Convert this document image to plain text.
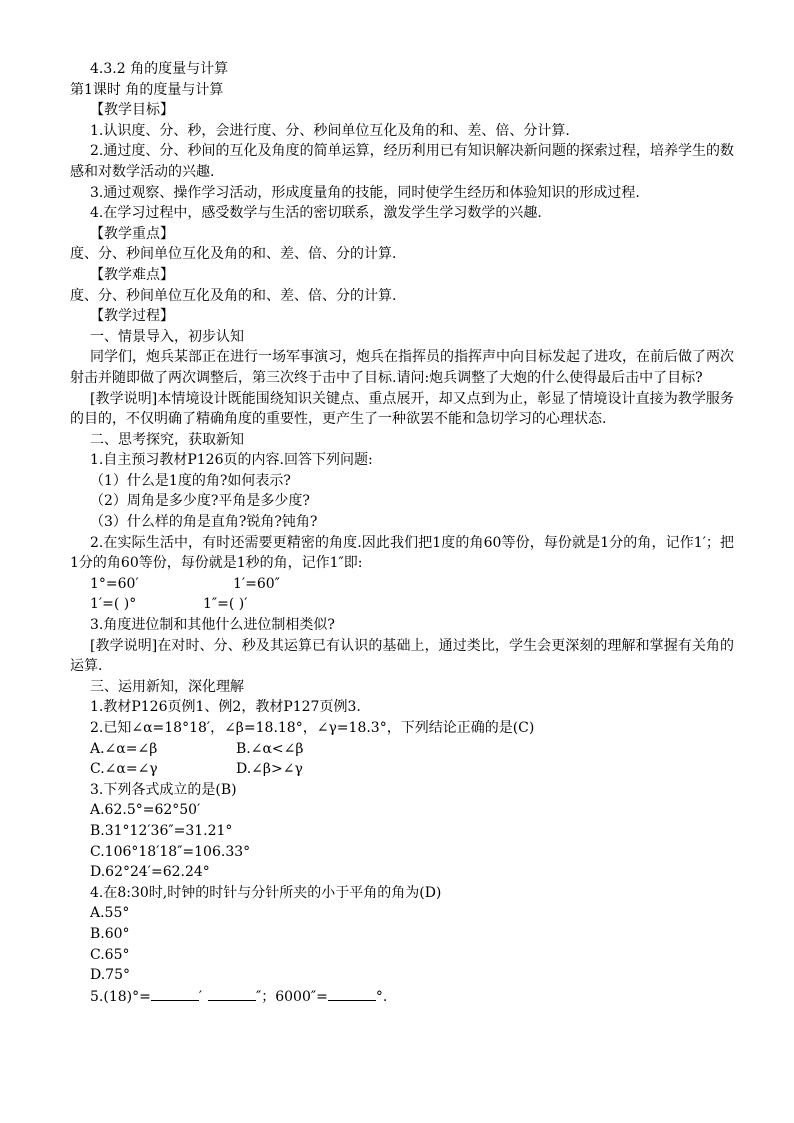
4.3.2 角的度量与计算

第1课时 角的度量与计算

【教学目标】

1.认识度、分、秒，会进行度、分、秒间单位互化及角的和、差、倍、分计算.

2.通过度、分、秒间的互化及角度的简单运算，经历利用已有知识解决新问题的探索过程，培养学生的数感和对数学活动的兴趣.

3.通过观察、操作学习活动，形成度量角的技能，同时使学生经历和体验知识的形成过程.

4.在学习过程中，感受数学与生活的密切联系，激发学生学习数学的兴趣.

【教学重点】

度、分、秒间单位互化及角的和、差、倍、分的计算.

【教学难点】

度、分、秒间单位互化及角的和、差、倍、分的计算.

【教学过程】

一、情景导入，初步认知

同学们，炮兵某部正在进行一场军事演习，炮兵在指挥员的指挥声中向目标发起了进攻，在前后做了两次射击并随即做了两次调整后，第三次终于击中了目标.请问:炮兵调整了大炮的什么使得最后击中了目标?

[教学说明]本情境设计既能围绕知识关键点、重点展开，却又点到为止，彰显了情境设计直接为教学服务的目的，不仅明确了精确角度的重要性，更产生了一种欲罢不能和急切学习的心理状态.

二、思考探究，获取新知

1.自主预习教材P126页的内容.回答下列问题:

（1）什么是1度的角?如何表示?

（2）周角是多少度?平角是多少度?

（3）什么样的角是直角?锐角?钝角?

2.在实际生活中，有时还需要更精密的角度.因此我们把1度的角60等份，每份就是1分的角，记作1′；把1分的角60等份，每份就是1秒的角，记作1″即:

1°=60′	1′=60″
1′=( )°	1″=( )′

3.角度进位制和其他什么进位制相类似?

[教学说明]在对时、分、秒及其运算已有认识的基础上，通过类比，学生会更深刻的理解和掌握有关角的运算.

三、运用新知，深化理解

1.教材P126页例1、例2，教材P127页例3.

2.已知∠α=18°18′，∠β=18.18°，∠γ=18.3°，下列结论正确的是(C)

A.∠α=∠β	B.∠α<∠β
C.∠α=∠γ	D.∠β>∠γ

3.下列各式成立的是(B)

A.62.5°=62°50′

B.31°12′36″=31.21°

C.106°18′18″=106.33°

D.62°24′=62.24°

4.在8:30时,时钟的时针与分针所夹的小于平角的角为(D)

A.55°

B.60°

C.65°

D.75°

5.(18)°=	′	″；6000″=	°.
